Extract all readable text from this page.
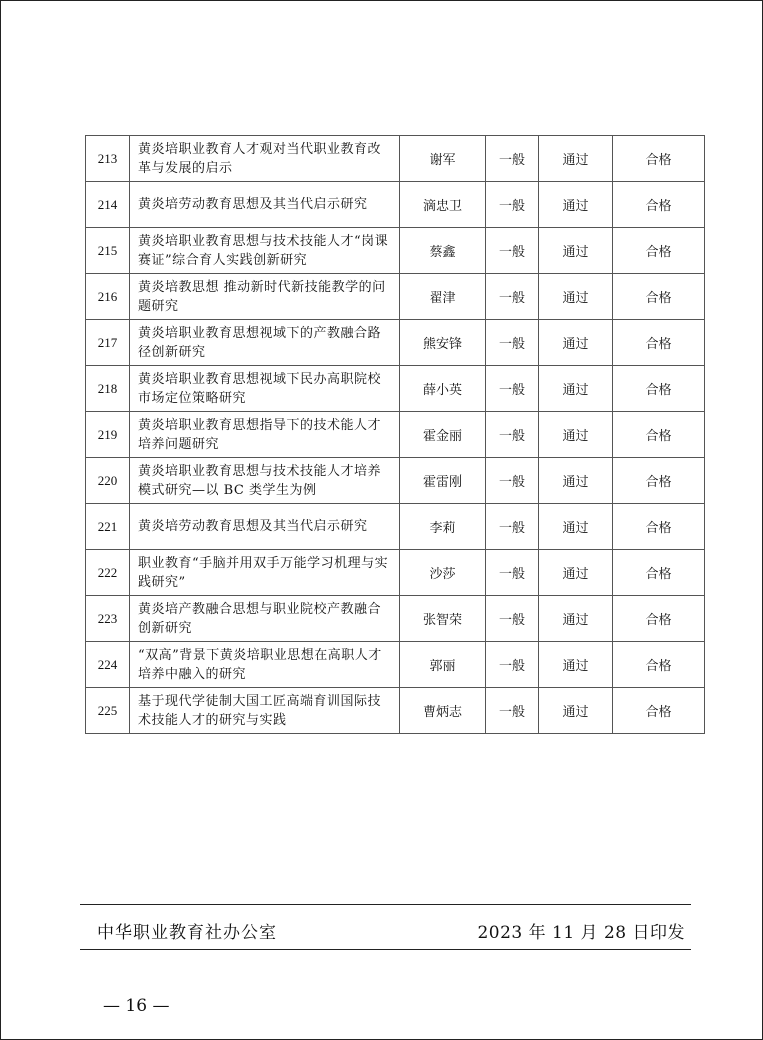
213	黄炎培职业教育人才观对当代职业教育改革与发展的启示	谢军	一般	通过	合格
214	黄炎培劳动教育思想及其当代启示研究	滴忠卫	一般	通过	合格
215	黄炎培职业教育思想与技术技能人才“岗课赛证”综合育人实践创新研究	蔡鑫	一般	通过	合格
216	黄炎培教思想 推动新时代新技能教学的问题研究	翟津	一般	通过	合格
217	黄炎培职业教育思想视域下的产教融合路径创新研究	熊安锋	一般	通过	合格
218	黄炎培职业教育思想视域下民办高职院校市场定位策略研究	薛小英	一般	通过	合格
219	黄炎培职业教育思想指导下的技术能人才培养问题研究	霍金丽	一般	通过	合格
220	黄炎培职业教育思想与技术技能人才培养模式研究—以 BC 类学生为例	霍雷刚	一般	通过	合格
221	黄炎培劳动教育思想及其当代启示研究	李莉	一般	通过	合格
222	职业教育“手脑并用双手万能学习机理与实践研究”	沙莎	一般	通过	合格
223	黄炎培产教融合思想与职业院校产教融合创新研究	张智荣	一般	通过	合格
224	“双高”背景下黄炎培职业思想在高职人才培养中融入的研究	郭丽	一般	通过	合格
225	基于现代学徒制大国工匠高端育训国际技术技能人才的研究与实践	曹炳志	一般	通过	合格
中华职业教育社办公室	2023 年 11 月 28 日印发
— 16 —
